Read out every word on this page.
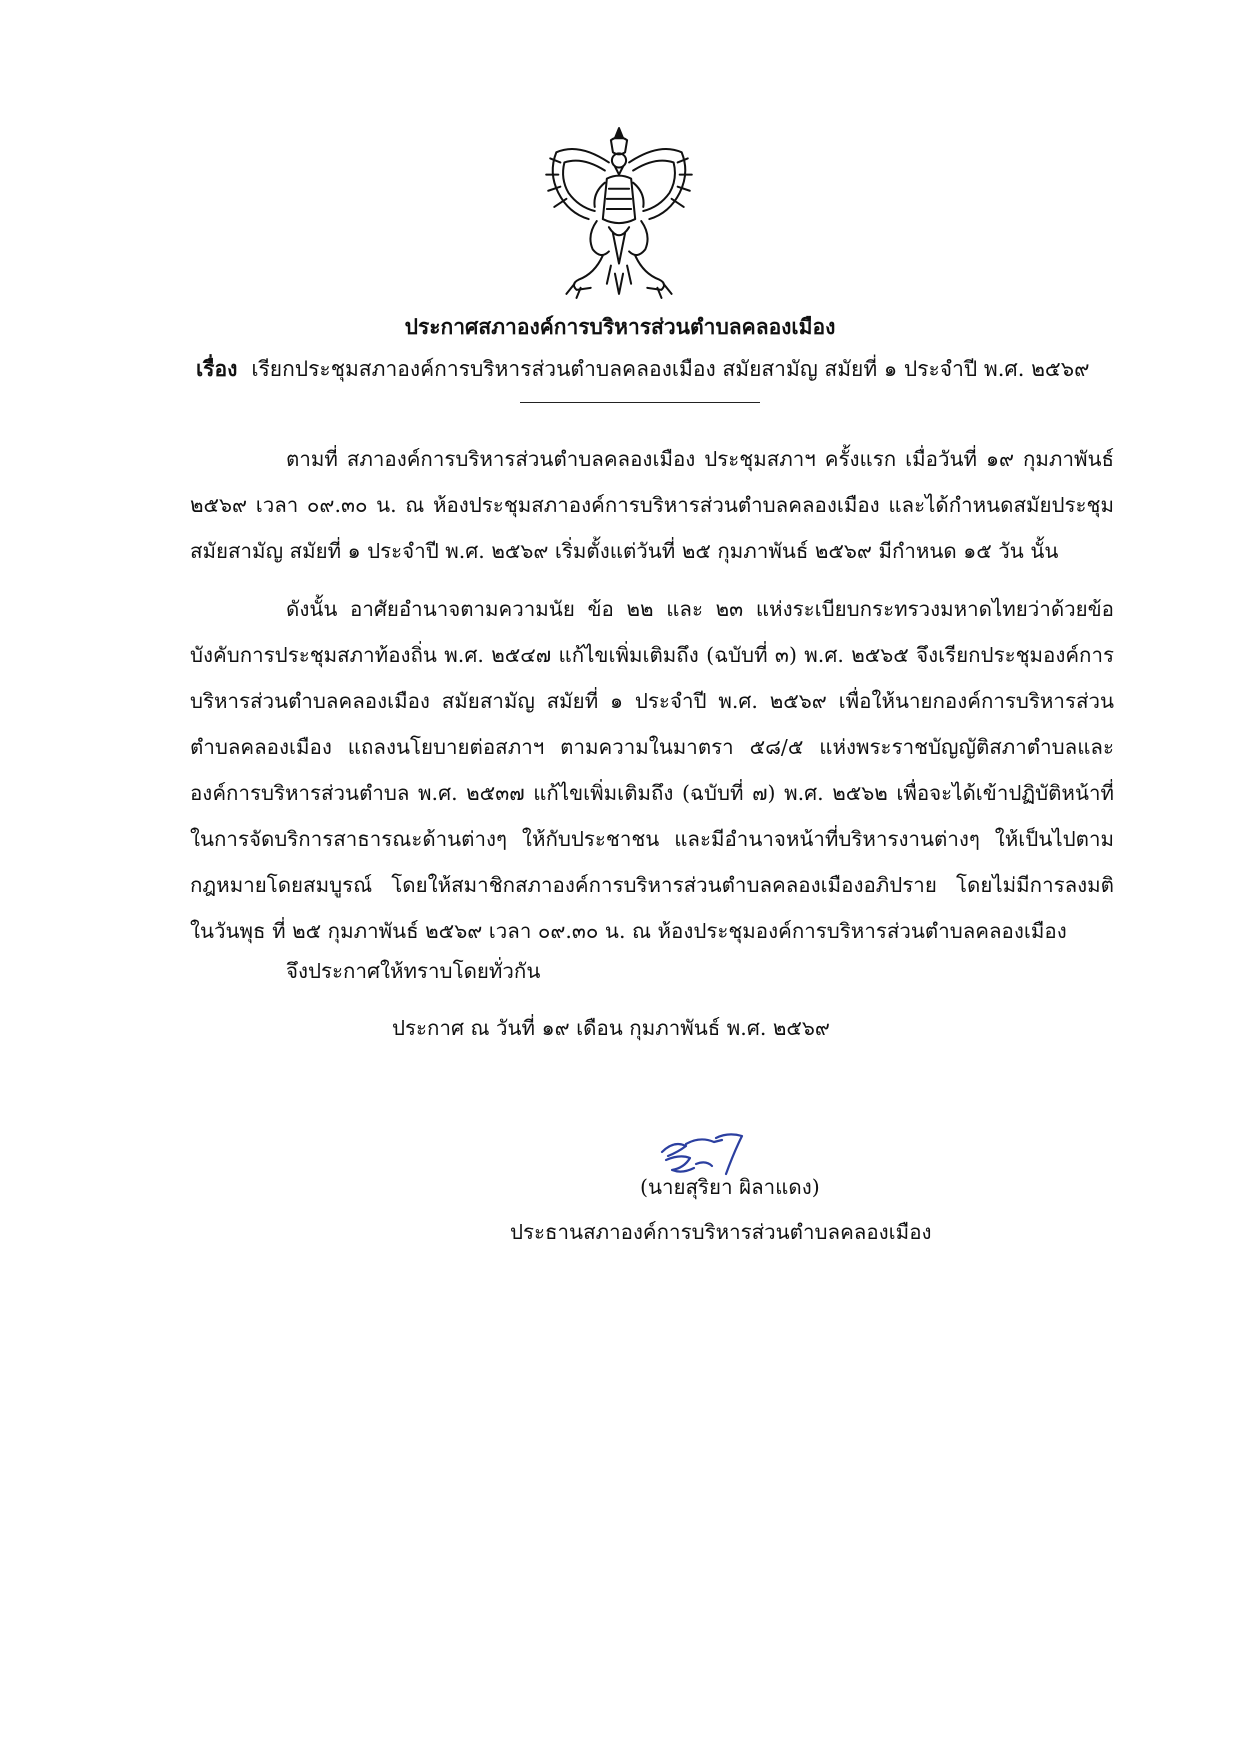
ประกาศสภาองค์การบริหารส่วนตำบลคลองเมือง
เรื่อง เรียกประชุมสภาองค์การบริหารส่วนตำบลคลองเมือง สมัยสามัญ สมัยที่ ๑ ประจำปี พ.ศ. ๒๕๖๙

ตามที่ สภาองค์การบริหารส่วนตำบลคลองเมือง ประชุมสภาฯ ครั้งแรก เมื่อวันที่ ๑๙ กุมภาพันธ์ ๒๕๖๙ เวลา ๐๙.๓๐ น. ณ ห้องประชุมสภาองค์การบริหารส่วนตำบลคลองเมือง และได้กำหนดสมัยประชุมสมัยสามัญ สมัยที่ ๑ ประจำปี พ.ศ. ๒๕๖๙ เริ่มตั้งแต่วันที่ ๒๕ กุมภาพันธ์ ๒๕๖๙ มีกำหนด ๑๕ วัน นั้น

ดังนั้น อาศัยอำนาจตามความนัย ข้อ ๒๒ และ ๒๓ แห่งระเบียบกระทรวงมหาดไทยว่าด้วยข้อบังคับการประชุมสภาท้องถิ่น พ.ศ. ๒๕๔๗ แก้ไขเพิ่มเติมถึง (ฉบับที่ ๓) พ.ศ. ๒๕๖๕ จึงเรียกประชุมองค์การบริหารส่วนตำบลคลองเมือง สมัยสามัญ สมัยที่ ๑ ประจำปี พ.ศ. ๒๕๖๙ เพื่อให้นายกองค์การบริหารส่วนตำบลคลองเมือง แถลงนโยบายต่อสภาฯ ตามความในมาตรา ๕๘/๕ แห่งพระราชบัญญัติสภาตำบลและองค์การบริหารส่วนตำบล พ.ศ. ๒๕๓๗ แก้ไขเพิ่มเติมถึง (ฉบับที่ ๗) พ.ศ. ๒๕๖๒ เพื่อจะได้เข้าปฏิบัติหน้าที่ในการจัดบริการสาธารณะด้านต่างๆ ให้กับประชาชน และมีอำนาจหน้าที่บริหารงานต่างๆ ให้เป็นไปตามกฎหมายโดยสมบูรณ์ โดยให้สมาชิกสภาองค์การบริหารส่วนตำบลคลองเมืองอภิปราย โดยไม่มีการลงมติ ในวันพุธ ที่ ๒๕ กุมภาพันธ์ ๒๕๖๙ เวลา ๐๙.๓๐ น. ณ ห้องประชุมองค์การบริหารส่วนตำบลคลองเมือง

จึงประกาศให้ทราบโดยทั่วกัน
ประกาศ ณ วันที่ ๑๙ เดือน กุมภาพันธ์ พ.ศ. ๒๕๖๙
(นายสุริยา ผิลาแดง)
ประธานสภาองค์การบริหารส่วนตำบลคลองเมือง
